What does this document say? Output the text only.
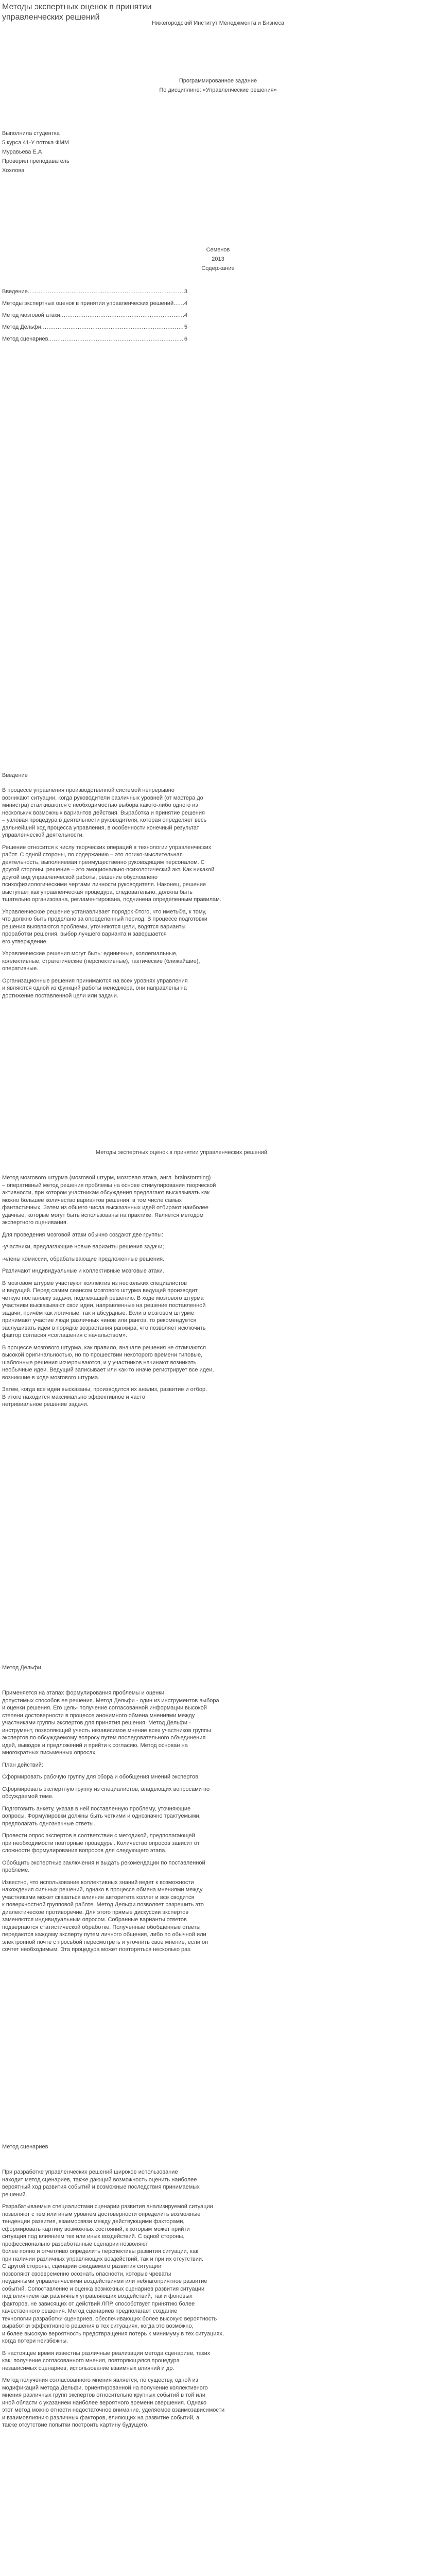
Методы экспертных оценок в принятии управленческих решений
Нижегородский Институт Менеджмента и Бизнеса
Программированное задание
По дисциплине: «Управленческие решения»
Выполнила студентка
5 курса 41-У потока ФММ
Муравьева Е.А
Проверил преподаватель
Хохлова
Семенов
2013
Содержание
Введение .....	3
Методы экспертных оценок в принятии управленческих решений ..... 4
Метод мозговой атаки .....	4
Метод Дельфи .....	5
Метод сценариев .....	6
Введение

В процессе управления производственной системой непрерывно
возникают ситуации, когда руководители различных уровней (от мастера до
министра) сталкиваются с необходимостью выбора какого-либо одного из
нескольких возможных вариантов действия. Выработка и принятие решения
– узловая процедура в деятельности руководителя, которая определяет весь
дальнейший ход процесса управления, в особенности конечный результат
управленческой деятельности.

Решение относится к числу творческих операций в технологии управленческих
работ. С одной стороны, по содержанию – это логико-мыслительная
деятельность, выполняемая преимущественно руководящим персоналом. С
другой стороны, решение – это эмоционально-психологический акт. Как никакой
другой вид управленческой работы, решение обусловлено
психофизиологическими чертами личности руководителя. Наконец, решение
выступает как управленческая процедура, следовательно, должна быть
тщательно организована, регламентирована, подчинена определенным правилам.

Управленческое решение устанавливает порядок ©того, что иметь©а, к тому,
что должно быть проделано за определенный период. В процессе подготовки
решения выявляются проблемы, уточняются цели, водятся варианты
проработки решения, выбор лучшего варианта и завершается
его утверждение.

Управленческие решения могут быть: единичные, коллегиальные,
коллективные, стратегические (перспективные), тактические (ближайшие),
оперативные.

Организационные решения принимаются на всех уровнях управления
и являются одной из функций работы менеджера, они направлены на
достижение поставленной цели или задачи.

Методы экспертных оценок в принятии управленческих решений.

Метод мозгового штурма (мозговой штурм, мозговая атака, англ. brainstorming)
– оперативный метод решения проблемы на основе стимулирования творческой
активности, при котором участникам обсуждения предлагают высказывать как
можно большее количество вариантов решения, в том числе самых
фантастичных. Затем из общего числа высказанных идей отбирают наиболее
удачные, которые могут быть использованы на практике. Является методом
экспертного оценивания.

Для проведения мозговой атаки обычно создают две группы:

-участники, предлагающие новые варианты решения задачи;

-члены комиссии, обрабатывающие предложенные решения.

Различают индивидуальные и коллективные мозговые атаки.

В мозговом штурме участвуют коллектив из нескольких специалистов
и ведущий. Перед самим сеансом мозгового штурма ведущий производит
четкую постановку задачи, подлежащей решению. В ходе мозгового штурма
участники высказывают свои идеи, направленные на решение поставленной
задачи, причём как логичные, так и абсурдные. Если в мозговом штурме
принимают участие люди различных чинов или рангов, то рекомендуется
заслушивать идеи в порядке возрастания ранжира, что позволяет исключить
фактор согласия «соглашения с начальством».

В процессе мозгового штурма, как правило, вначале решения не отличаются
высокой оригинальностью, но по прошествии некоторого времени типовые,
шаблонные решения исчерпываются, и у участников начинают возникать
необычные идеи. Ведущий записывает или как-то иначе регистрирует все идеи,
возникшие в ходе мозгового штурма.

Затем, когда все идеи высказаны, производится их анализ, развитие и отбор.
В итоге находится максимально эффективное и часто
нетривиальное решение задачи.

Метод Дельфи.

Применяется на этапах формулирования проблемы и оценки
допустимых способов ее решения. Метод Дельфи - один из инструментов выбора
и оценки решения. Его цель- получение согласованной информации высокой
степени достоверности в процессе анонимного обмена мнениями между
участниками группы экспертов для принятия решения. Метод Дельфи -
инструмент, позволяющий учесть независимое мнение всех участников группы
экспертов по обсуждаемому вопросу путем последовательного объединения
идей, выводов и предложений и прийти к согласию. Метод основан на
многократных письменных опросах.

План действий:

Сформировать рабочую группу для сбора и обобщения мнений экспертов.

Сформировать экспертную группу из специалистов, владеющих вопросами по
обсуждаемой теме.

Подготовить анкету, указав в ней поставленную проблему, уточняющие
вопросы. Формулировки должны быть четкими и однозначно трактуемыми,
предполагать однозначные ответы.

Провести опрос экспертов в соответствии с методикой, предполагающей
при необходимости повторные процедуры. Количество опросов зависит от
сложности формулирования вопросов для следующего этапа.

Обобщить экспертные заключения и выдать рекомендации по поставленной
проблеме.

Известно, что использование коллективных знаний ведет к возможности
нахождения сильных решений, однако в процессе обмена мнениями между
участниками может сказаться влияние авторитета коллег и все сводится
к поверхностной групповой работе. Метод Дельфи позволяет разрешить это
диалектическое противоречие. Для этого прямые дискуссии экспертов
заменяются индивидуальным опросом. Собранные варианты ответов
подвергаются статистической обработке. Полученные обобщенные ответы
передаются каждому эксперту путем личного общения, либо по обычной или
электронной почте с просьбой пересмотреть и уточнить свое мнение, если он
сочтет необходимым. Эта процедура может повторяться несколько раз.

Метод сценариев

При разработке управленческих решений широкое использование
находит метод сценариев, также дающий возможность оценить наиболее
вероятный ход развития событий и возможные последствия принимаемых
решений.

Разрабатываемые специалистами сценарии развития анализируемой ситуации
позволяют с тем или иным уровнем достоверности определить возможные
тенденции развития, взаимосвязи между действующими факторами,
сформировать картину возможных состояний, к которым может прийти
ситуация под влиянием тех или иных воздействий. С одной стороны,
профессионально разработанные сценарии позволяют
более полно и отчетливо определить перспективы развития ситуации, как
при наличии различных управляющих воздействий, так и при их отсутствии.
С другой стороны, сценарии ожидаемого развития ситуации
позволяют своевременно осознать опасности, которые чреваты
неудачными управленческими воздействиями или неблагоприятное развитие
событий. Сопоставление и оценка возможных сценариев развития ситуации
под влиянием как различных управляющих воздействий, так и фоновых
факторов, не зависящих от действий ЛПР, способствует принятию более
качественного решения. Метод сценариев предполагает создание
технологии разработки сценариев, обеспечивающих более высокую вероятность
выработки эффективного решения в тех ситуациях, когда это возможно,
и более высокую вероятность предотвращения потерь к минимуму в тех ситуациях,
когда потери неизбежны.

В настоящее время известны различные реализации метода сценариев, таких
как: получение согласованного мнения, повторяющаяся процедура
независимых сценариев, использование взаимных влияний и др.

Метод получения согласованного мнения является, по существу, одной из
модификаций метода Дельфи, ориентированной на получение коллективного
мнения различных групп экспертов относительно крупных событий в той или
иной области с указанием наиболее вероятного времени свершения. Однако
этот метод можно отнести недостаточное внимание, уделяемое взаимозависимости
и взаимовлиянию различных факторов, влияющих на развитие событий, а
также отсутствие попытки построить картину будущего.
